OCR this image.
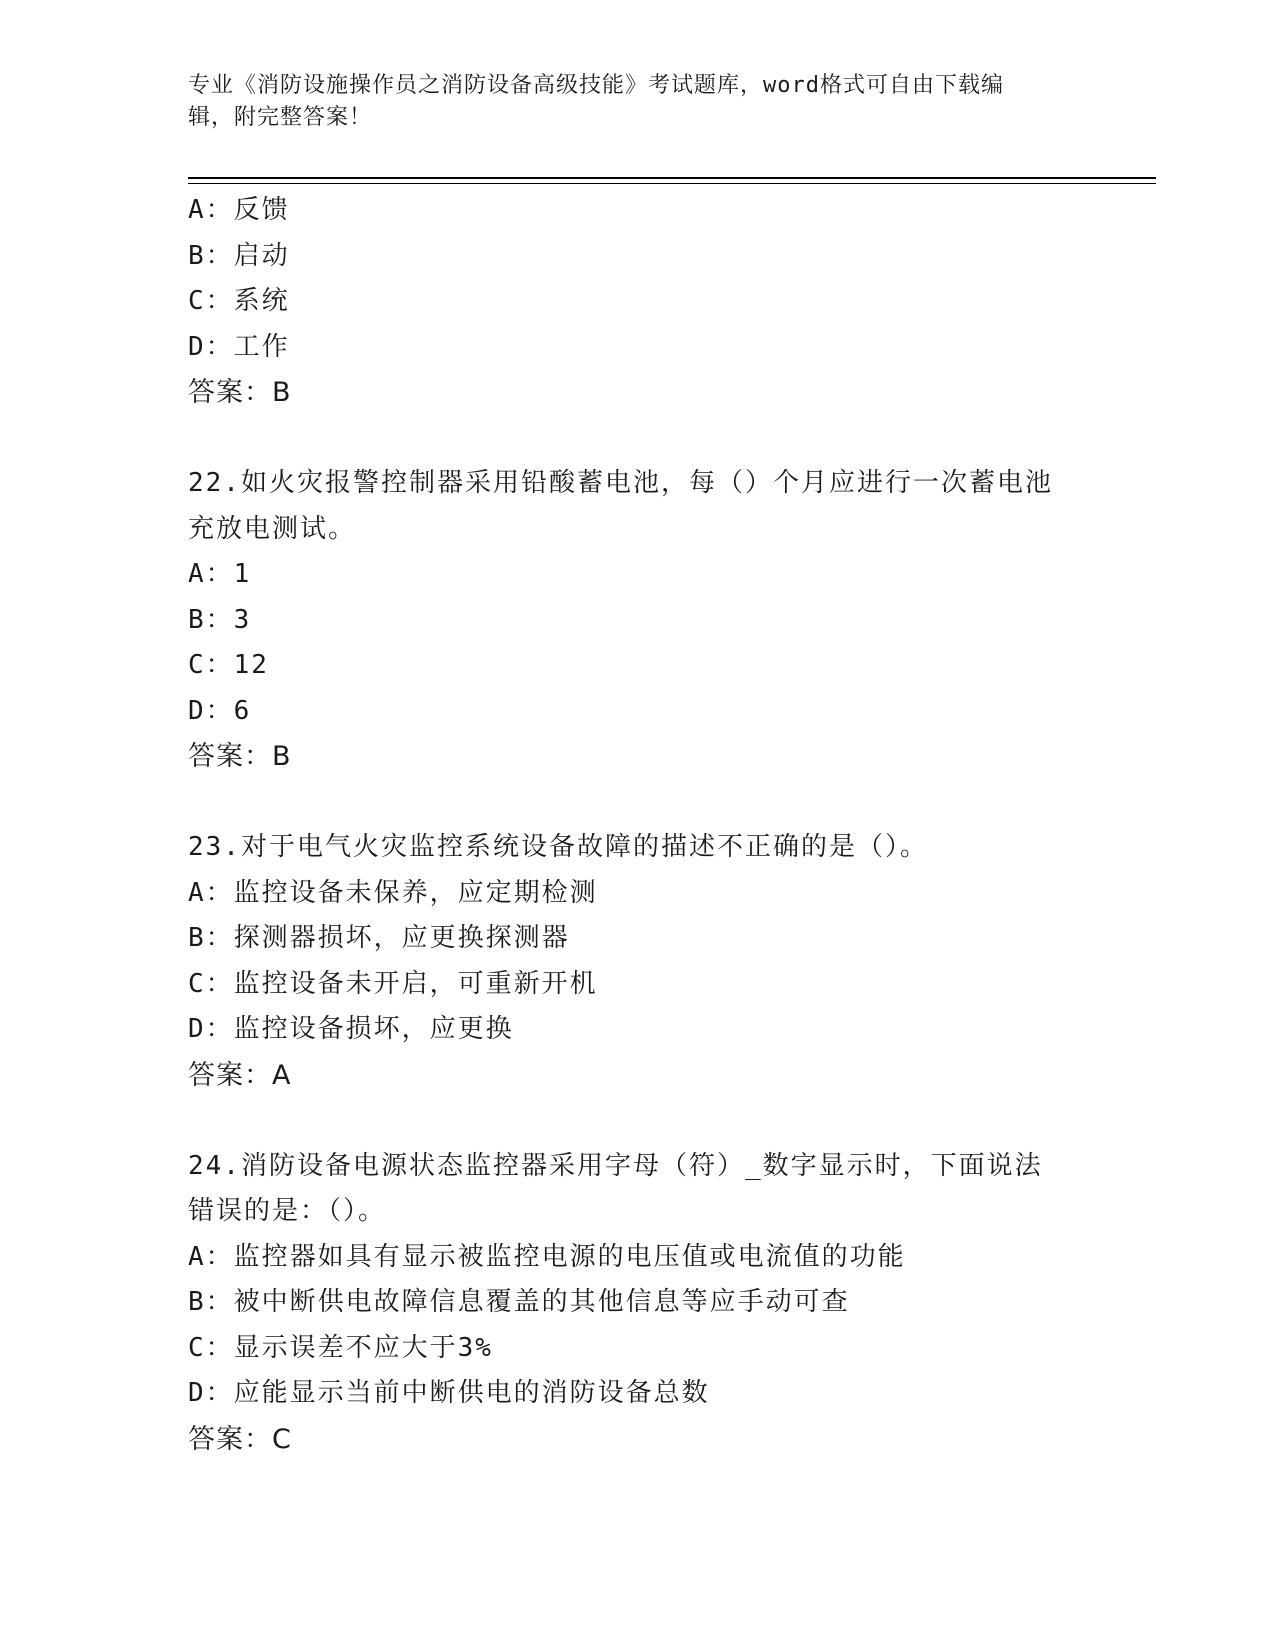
专业《消防设施操作员之消防设备高级技能》考试题库，word格式可自由下载编
辑，附完整答案！
A：反馈
B：启动
C：系统
D：工作
答案：B
22.如火灾报警控制器采用铅酸蓄电池，每（）个月应进行一次蓄电池
充放电测试。
A：1
B：3
C：12
D：6
答案：B
23.对于电气火灾监控系统设备故障的描述不正确的是（）。
A：监控设备未保养，应定期检测
B：探测器损坏，应更换探测器
C：监控设备未开启，可重新开机
D：监控设备损坏，应更换
答案：A
24.消防设备电源状态监控器采用字母（符）_数字显示时，下面说法
错误的是：（）。
A：监控器如具有显示被监控电源的电压值或电流值的功能
B：被中断供电故障信息覆盖的其他信息等应手动可查
C：显示误差不应大于3%
D：应能显示当前中断供电的消防设备总数
答案：C
